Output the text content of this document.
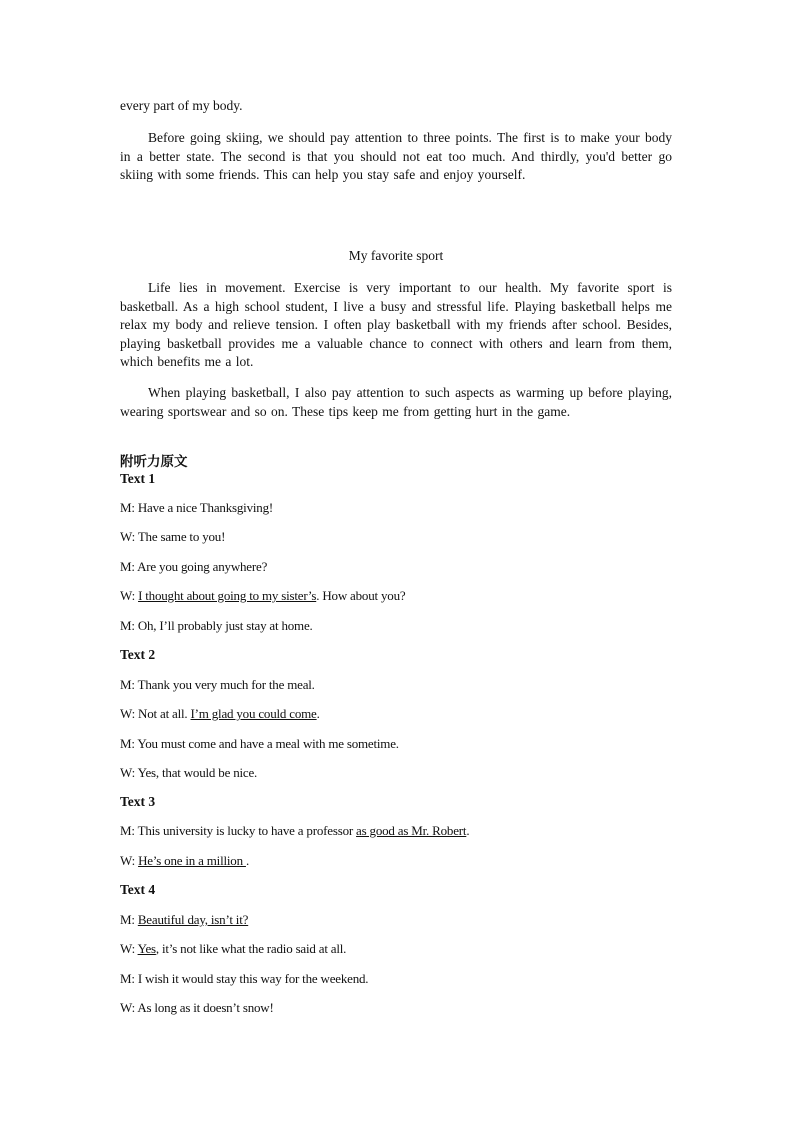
every part of my body.
Before going skiing, we should pay attention to three points. The first is to make your body in a better state. The second is that you should not eat too much. And thirdly, you'd better go skiing with some friends. This can help you stay safe and enjoy yourself.
My favorite sport
Life lies in movement. Exercise is very important to our health. My favorite sport is basketball. As a high school student, I live a busy and stressful life. Playing basketball helps me relax my body and relieve tension. I often play basketball with my friends after school. Besides, playing basketball provides me a valuable chance to connect with others and learn from them, which benefits me a lot.
When playing basketball, I also pay attention to such aspects as warming up before playing, wearing sportswear and so on. These tips keep me from getting hurt in the game.
附听力原文
Text 1
M: Have a nice Thanksgiving!
W: The same to you!
M: Are you going anywhere?
W: I thought about going to my sister’s. How about you?
M: Oh, I’ll probably just stay at home.
Text 2
M: Thank you very much for the meal.
W: Not at all. I’m glad you could come.
M: You must come and have a meal with me sometime.
W: Yes, that would be nice.
Text 3
M: This university is lucky to have a professor as good as Mr. Robert.
W: He’s one in a million .
Text 4
M: Beautiful day, isn’t it?
W: Yes, it’s not like what the radio said at all.
M: I wish it would stay this way for the weekend.
W: As long as it doesn’t snow!
